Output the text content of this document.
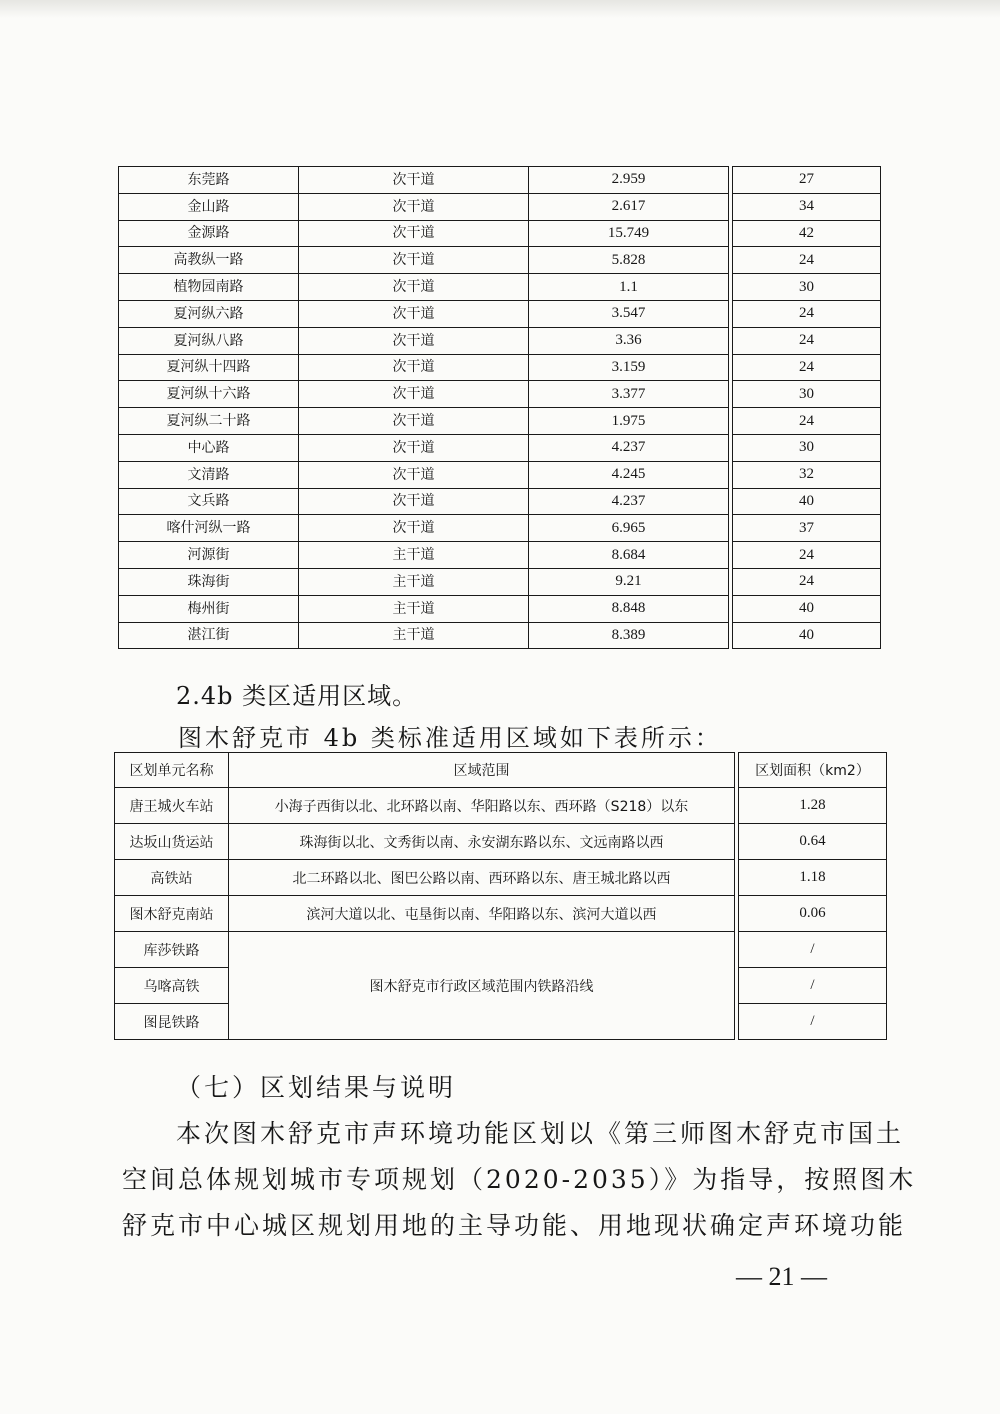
东莞路	次干道	2.959		27
金山路	次干道	2.617		34
金源路	次干道	15.749		42
高教纵一路	次干道	5.828		24
植物园南路	次干道	1.1		30
夏河纵六路	次干道	3.547		24
夏河纵八路	次干道	3.36		24
夏河纵十四路	次干道	3.159		24
夏河纵十六路	次干道	3.377		30
夏河纵二十路	次干道	1.975		24
中心路	次干道	4.237		30
文清路	次干道	4.245		32
文兵路	次干道	4.237		40
喀什河纵一路	次干道	6.965		37
河源街	主干道	8.684		24
珠海街	主干道	9.21		24
梅州街	主干道	8.848		40
湛江街	主干道	8.389		40
2.4b 类区适用区域。
图木舒克市 4b 类标准适用区域如下表所示：
区划单元名称	区域范围		区划面积（km2）
唐王城火车站	小海子西街以北、北环路以南、华阳路以东、西环路（S218）以东		1.28
达坂山货运站	珠海街以北、文秀街以南、永安湖东路以东、文远南路以西		0.64
高铁站	北二环路以北、图巴公路以南、西环路以东、唐王城北路以西		1.18
图木舒克南站	滨河大道以北、屯垦街以南、华阳路以东、滨河大道以西		0.06
库莎铁路	图木舒克市行政区域范围内铁路沿线		/
乌喀高铁			/
图昆铁路			/
（七）区划结果与说明
本次图木舒克市声环境功能区划以《第三师图木舒克市国土
空间总体规划城市专项规划（2020-2035）》为指导，按照图木
舒克市中心城区规划用地的主导功能、用地现状确定声环境功能
— 21 —
